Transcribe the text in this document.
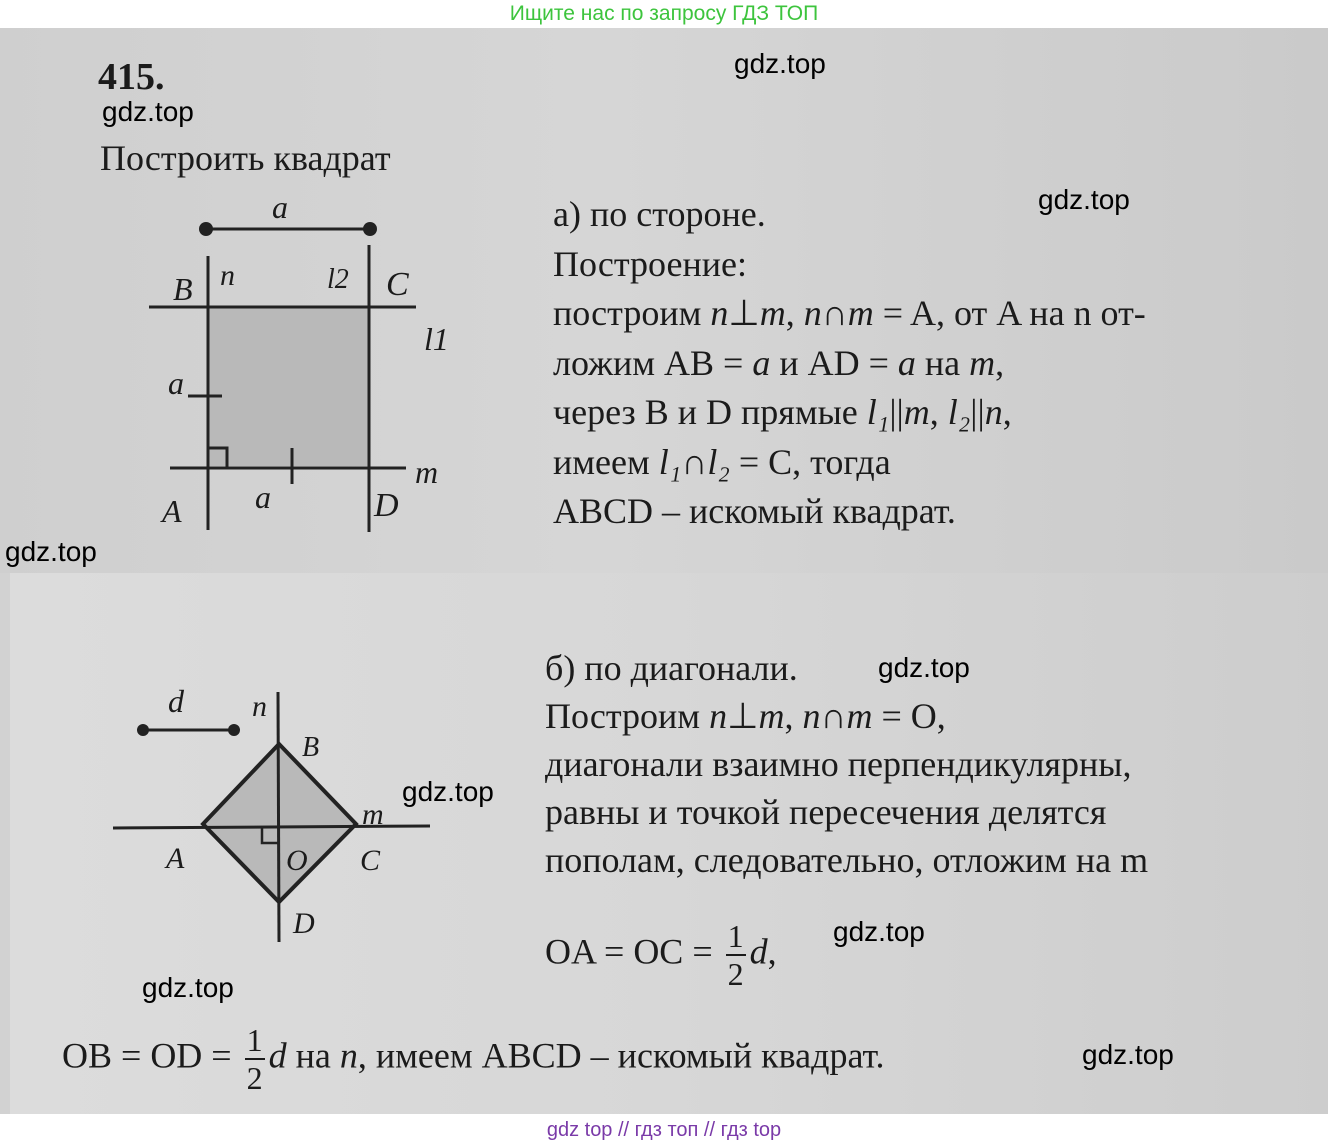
Ищите нас по запросу ГДЗ ТОП
415.
Построить квадрат
a
n	l2
B	C
l1
a
A a	D
m
а) по стороне.
Построение:
построим n⊥m, n∩m = A, от A на n от-
ложим AB = a и AD = a на m,
через B и D прямые l₁||m, l₂||n,
имеем l₁∩l₂ = C, тогда
ABCD – искомый квадрат.
d n
B
m
A	O C
D
б) по диагонали.
Построим n⊥m, n∩m = O,
диагонали взаимно перпендикулярны,
равны и точкой пересечения делятся
пополам, следовательно, отложим на m
OA = OC = $\frac{1}{2} d$,
OB = OD = $\frac{1}{2}$ d на n, имеем ABCD – искомый квадрат.
gdz.top
gdz.top
gdz.top
gdz.top
gdz.top
gdz.top
gdz.top
gdz.top
gdz.top
gdz top // гдз топ // гдз top
